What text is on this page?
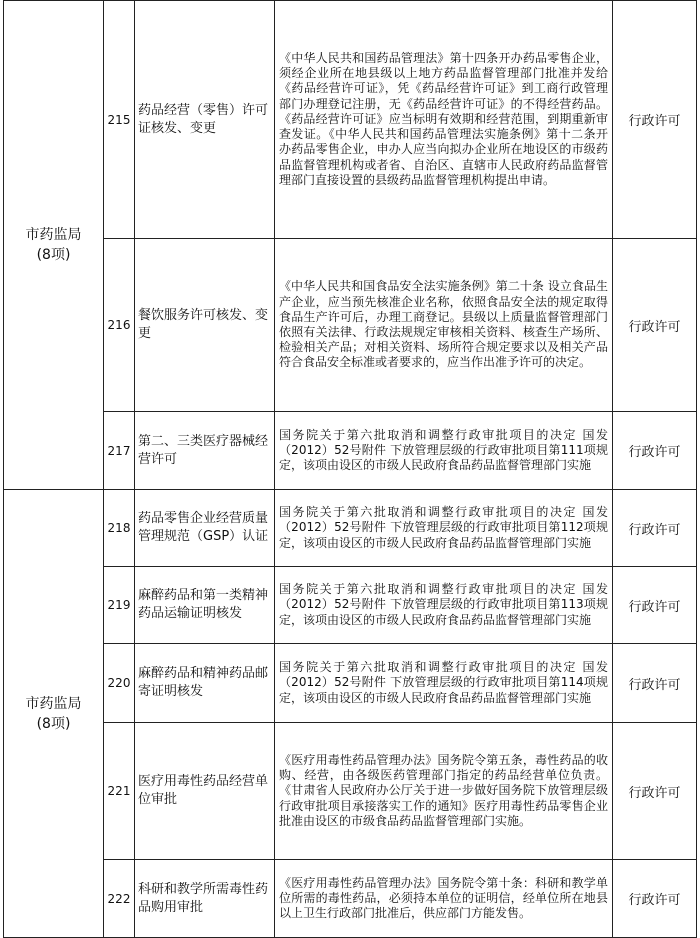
市药监局
(8项)	215	药品经营（零售）许可证核发、变更	《中华人民共和国药品管理法》第十四条开办药品零售企业，须经企业所在地县级以上地方药品监督管理部门批准并发给《药品经营许可证》，凭《药品经营许可证》到工商行政管理部门办理登记注册，无《药品经营许可证》的不得经营药品。《药品经营许可证》应当标明有效期和经营范围，到期重新审查发证。《中华人民共和国药品管理法实施条例》第十二条开办药品零售企业，申办人应当向拟办企业所在地设区的市级药品监督管理机构或者省、自治区、直辖市人民政府药品监督管理部门直接设置的县级药品监督管理机构提出申请。	行政许可
	216	餐饮服务许可核发、变更	《中华人民共和国食品安全法实施条例》第二十条 设立食品生产企业，应当预先核准企业名称，依照食品安全法的规定取得食品生产许可后，办理工商登记。县级以上质量监督管理部门依照有关法律、行政法规规定审核相关资料、核查生产场所、检验相关产品；对相关资料、场所符合规定要求以及相关产品符合食品安全标准或者要求的，应当作出准予许可的决定。	行政许可
	217	第二、三类医疗器械经营许可	国务院关于第六批取消和调整行政审批项目的决定 国发（2012）52号附件 下放管理层级的行政审批项目第111项规定，该项由设区的市级人民政府食品药品监督管理部门实施	行政许可
市药监局
(8项)	218	药品零售企业经营质量管理规范（GSP）认证	国务院关于第六批取消和调整行政审批项目的决定 国发（2012）52号附件 下放管理层级的行政审批项目第112项规定，该项由设区的市级人民政府食品药品监督管理部门实施	行政许可
	219	麻醉药品和第一类精神药品运输证明核发	国务院关于第六批取消和调整行政审批项目的决定 国发（2012）52号附件 下放管理层级的行政审批项目第113项规定，该项由设区的市级人民政府食品药品监督管理部门实施	行政许可
	220	麻醉药品和精神药品邮寄证明核发	国务院关于第六批取消和调整行政审批项目的决定 国发（2012）52号附件 下放管理层级的行政审批项目第114项规定，该项由设区的市级人民政府食品药品监督管理部门实施	行政许可
	221	医疗用毒性药品经营单位审批	《医疗用毒性药品管理办法》国务院令第五条，毒性药品的收购、经营，由各级医药管理部门指定的药品经营单位负责。《甘肃省人民政府办公厅关于进一步做好国务院下放管理层级行政审批项目承接落实工作的通知》医疗用毒性药品零售企业批准由设区的市级食品药品监督管理部门实施。	行政许可
	222	科研和教学所需毒性药品购用审批	《医疗用毒性药品管理办法》国务院令第十条：科研和教学单位所需的毒性药品，必须持本单位的证明信，经单位所在地县以上卫生行政部门批准后，供应部门方能发售。	行政许可
